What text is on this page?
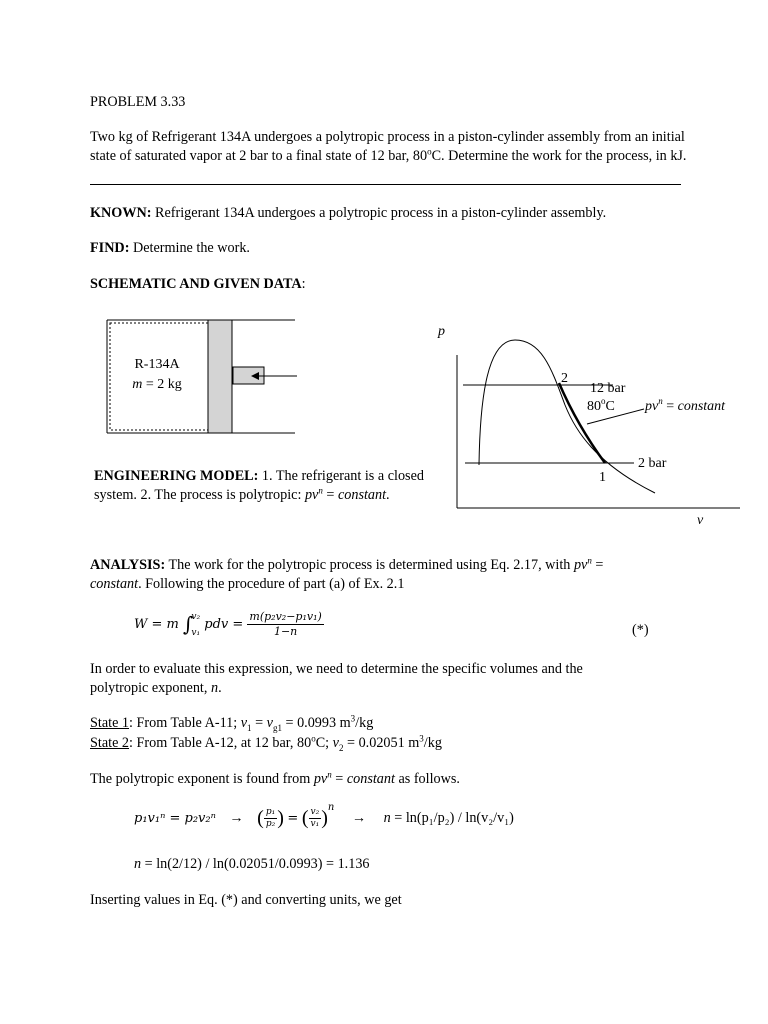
PROBLEM 3.33
Two kg of Refrigerant 134A undergoes a polytropic process in a piston-cylinder assembly from an initial state of saturated vapor at 2 bar to a final state of 12 bar, 80$^o$C. Determine the work for the process, in kJ.
KNOWN: Refrigerant 134A undergoes a polytropic process in a piston-cylinder assembly.
FIND: Determine the work.
SCHEMATIC AND GIVEN DATA:
R-134A
m = 2 kg
p
v
2
1
12 bar
80$^o$C $pv^n$ = constant
2 bar
ENGINEERING MODEL: 1. The refrigerant is a closed system. 2. The process is polytropic: $pv^n$ = constant.
ANALYSIS: The work for the polytropic process is determined using Eq. 2.17, with $pv^n$ = constant. Following the procedure of part (a) of Ex. 2.1
W = m ∫
v₂
v₁
pdv = $\frac{\text{m(p₂v₂−p₁v₁)}}{1-n}$	(*)
In order to evaluate this expression, we need to determine the specific volumes and the polytropic exponent, n.
State 1: From Table A-11; $v_1 = v_{g1} = 0.0993$ $m^3/kg$
State 2: From Table A-12, at 12 bar, 80$^o$C; $v_2 = 0.02051$ $m^3/kg$
The polytropic exponent is found from $pv^n$ = constant as follows.
p₁v₁ⁿ = p₂v₂ⁿ → ( $\frac{\text{p₁}}{\text{p₂}}$ ) = ( $\frac{\text{v₂}}{\text{v₁}} )^n \to n = \ln(p_1/p_2) / \ln(v_2/v_1)$
n = ln(2/12) / ln(0.02051/0.0993) = 1.136
Inserting values in Eq. (*) and converting units, we get
